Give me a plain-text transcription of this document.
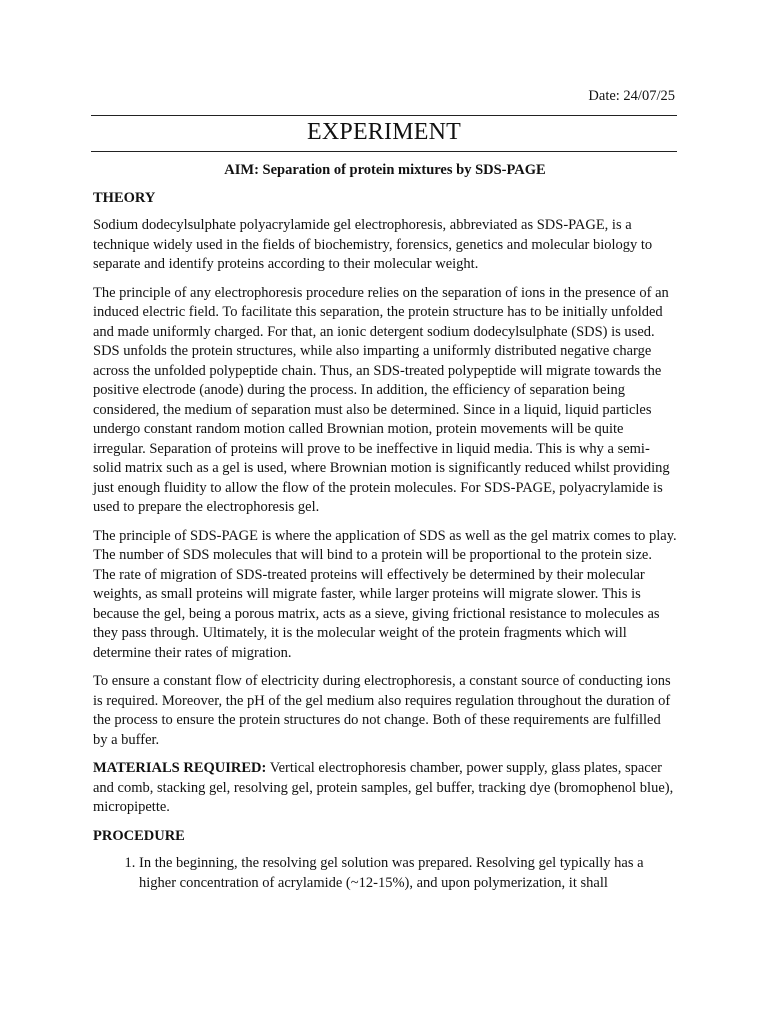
Date: 24/07/25
EXPERIMENT
AIM: Separation of protein mixtures by SDS-PAGE
THEORY

Sodium dodecylsulphate polyacrylamide gel electrophoresis, abbreviated as SDS-PAGE, is a technique widely used in the fields of biochemistry, forensics, genetics and molecular biology to separate and identify proteins according to their molecular weight.

The principle of any electrophoresis procedure relies on the separation of ions in the presence of an induced electric field. To facilitate this separation, the protein structure has to be initially unfolded and made uniformly charged. For that, an ionic detergent sodium dodecylsulphate (SDS) is used. SDS unfolds the protein structures, while also imparting a uniformly distributed negative charge across the unfolded polypeptide chain. Thus, an SDS-treated polypeptide will migrate towards the positive electrode (anode) during the process. In addition, the efficiency of separation being considered, the medium of separation must also be determined. Since in a liquid, liquid particles undergo constant random motion called Brownian motion, protein movements will be quite irregular. Separation of proteins will prove to be ineffective in liquid media. This is why a semi-solid matrix such as a gel is used, where Brownian motion is significantly reduced whilst providing just enough fluidity to allow the flow of the protein molecules. For SDS-PAGE, polyacrylamide is used to prepare the electrophoresis gel.

The principle of SDS-PAGE is where the application of SDS as well as the gel matrix comes to play. The number of SDS molecules that will bind to a protein will be proportional to the protein size. The rate of migration of SDS-treated proteins will effectively be determined by their molecular weights, as small proteins will migrate faster, while larger proteins will migrate slower. This is because the gel, being a porous matrix, acts as a sieve, giving frictional resistance to molecules as they pass through. Ultimately, it is the molecular weight of the protein fragments which will determine their rates of migration.

To ensure a constant flow of electricity during electrophoresis, a constant source of conducting ions is required. Moreover, the pH of the gel medium also requires regulation throughout the duration of the process to ensure the protein structures do not change. Both of these requirements are fulfilled by a buffer.

MATERIALS REQUIRED: Vertical electrophoresis chamber, power supply, glass plates, spacer and comb, stacking gel, resolving gel, protein samples, gel buffer, tracking dye (bromophenol blue), micropipette.

PROCEDURE
1. In the beginning, the resolving gel solution was prepared. Resolving gel typically has a higher concentration of acrylamide (~12-15%), and upon polymerization, it shall
